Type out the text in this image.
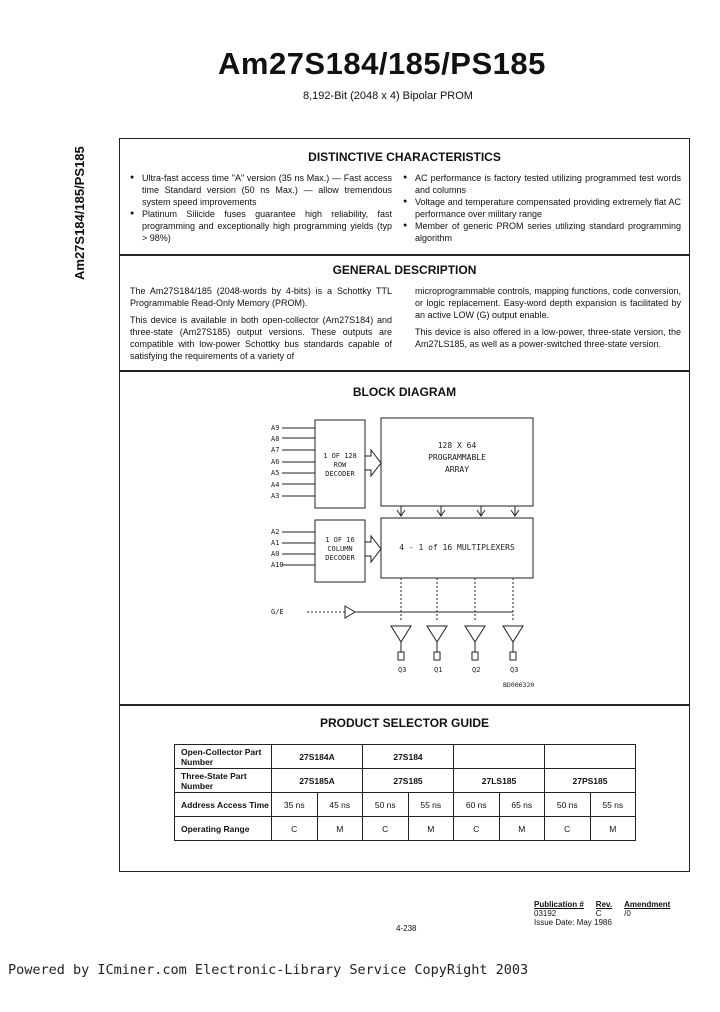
Am27S184/185/PS185
8,192-Bit (2048 x 4) Bipolar PROM
Am27S184/185/PS185	DISTINCTIVE CHARACTERISTICS
● Ultra-fast access time "A" version (35 ns Max.) — Fast access time Standard version (50 ns Max.) — allow tremendous system speed improvements
● Platinum Silicide fuses guarantee high reliability, fast programming and exceptionally high programming yields (typ > 98%)
● AC performance is factory tested utilizing programmed test words and columns
● Voltage and temperature compensated providing extremely flat AC performance over military range
● Member of generic PROM series utilizing standard programming algorithm
GENERAL DESCRIPTION

The Am27S184/185 (2048-words by 4-bits) is a Schottky TTL Programmable Read-Only Memory (PROM).

This device is available in both open-collector (Am27S184) and three-state (Am27S185) output versions. These outputs are compatible with low-power Schottky bus standards capable of satisfying the requirements of a variety of

microprogrammable controls, mapping functions, code conversion, or logic replacement. Easy-word depth expansion is facilitated by an active LOW (G) output enable.

This device is also offered in a low-power, three-state version, the Am27LS185, as well as a power-switched three-state version.

BLOCK DIAGRAM
A9
A8
A7
A6
A5
A4
A3
A2
A1
A0
A10
1 OF 128
ROW
DECODER
1 OF 16
COLUMN
DECODER
G/E
Q3	Q1	Q2	Q3
BD006320
128 X 64
PROGRAMMABLE
ARRAY
4 - 1 of 16 MULTIPLEXERS
PRODUCT SELECTOR GUIDE
Open-Collector Part Number	27S184A		27S184					
Three-State Part Number	27S185A		27S185		27LS185		27PS185	
Address Access Time	35 ns	45 ns	50 ns	55 ns	60 ns	65 ns	50 ns	55 ns
Operating Range	C	M	C	M	C	M	C	M
Publication #	Rev.	Amendment
03192	C	/0
Issue Date: May 1986		
4-238
Powered by ICminer.com Electronic-Library Service CopyRight 2003
